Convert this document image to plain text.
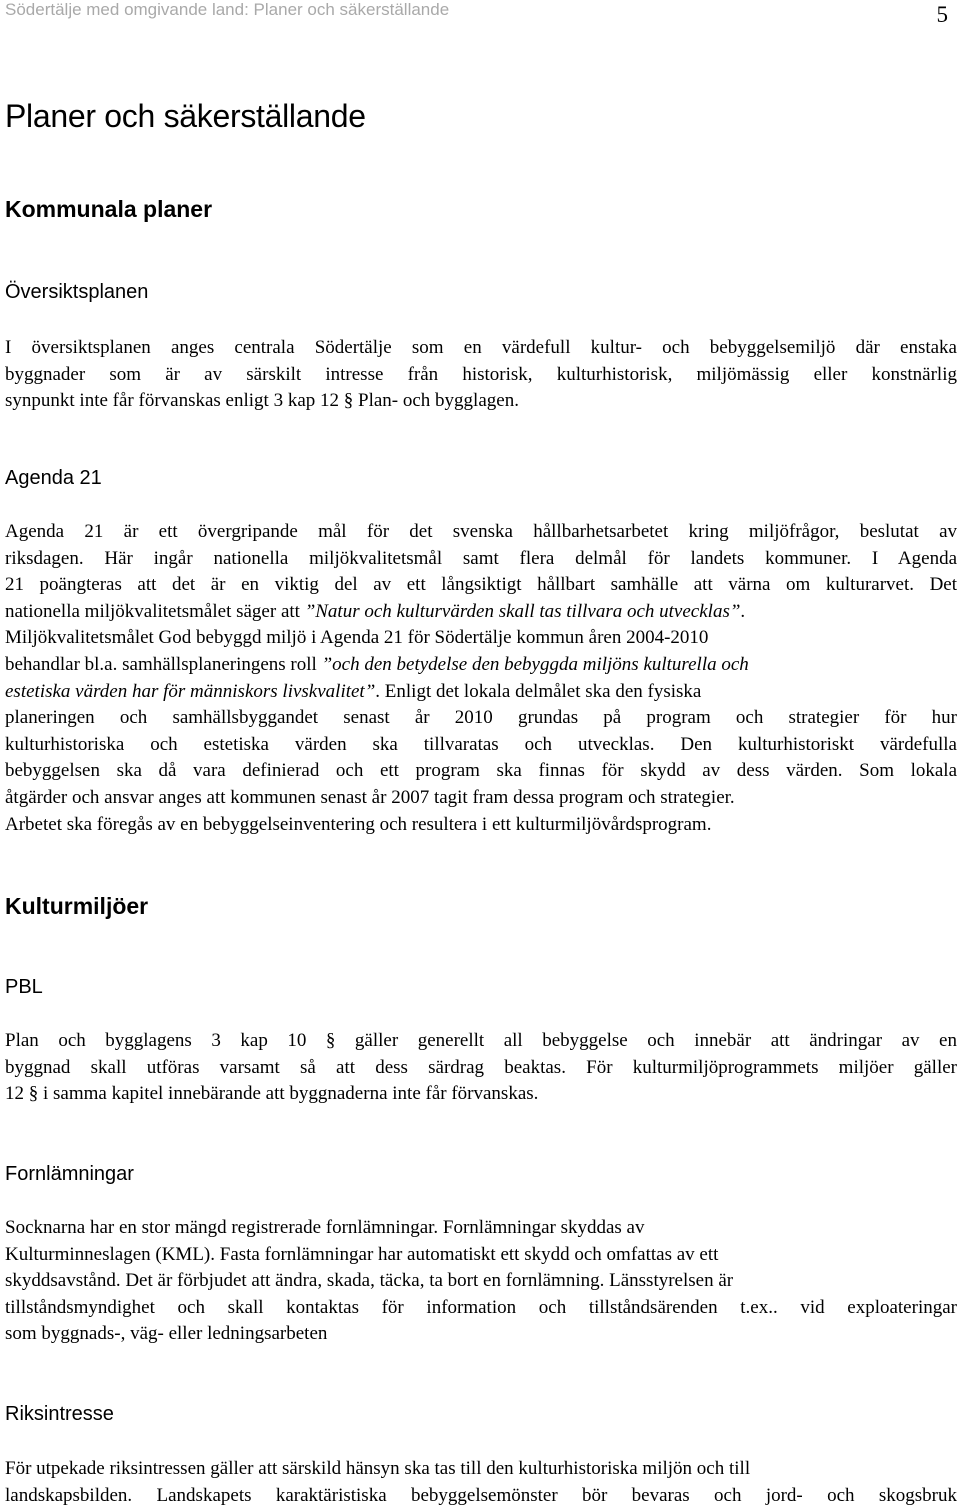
Södertälje med omgivande land: Planer och säkerställande	5
Planer och säkerställande
Kommunala planer
Översiktsplanen

I översiktsplanen anges centrala Södertälje som en värdefull kultur- och bebyggelsemiljö där enstaka
byggnader som är av särskilt intresse från historisk, kulturhistorisk, miljömässig eller konstnärlig
synpunkt inte får förvanskas enligt 3 kap 12 § Plan- och bygglagen.

Agenda 21

Agenda 21 är ett övergripande mål för det svenska hållbarhetsarbetet kring miljöfrågor, beslutat av
riksdagen. Här ingår nationella miljökvalitetsmål samt flera delmål för landets kommuner. I Agenda
21 poängteras att det är en viktig del av ett långsiktigt hållbart samhälle att värna om kulturarvet. Det
nationella miljökvalitetsmålet säger att ”Natur och kulturvärden skall tas tillvara och utvecklas”.
Miljökvalitetsmålet God bebyggd miljö i Agenda 21 för Södertälje kommun åren 2004-2010
behandlar bl.a. samhällsplaneringens roll ”och den betydelse den bebyggda miljöns kulturella och
estetiska värden har för människors livskvalitet”. Enligt det lokala delmålet ska den fysiska
planeringen och samhällsbyggandet senast år 2010 grundas på program och strategier för hur
kulturhistoriska och estetiska värden ska tillvaratas och utvecklas. Den kulturhistoriskt värdefulla
bebyggelsen ska då vara definierad och ett program ska finnas för skydd av dess värden. Som lokala
åtgärder och ansvar anges att kommunen senast år 2007 tagit fram dessa program och strategier.
Arbetet ska föregås av en bebyggelseinventering och resultera i ett kulturmiljövårdsprogram.

Kulturmiljöer
PBL

Plan och bygglagens 3 kap 10 § gäller generellt all bebyggelse och innebär att ändringar av en
byggnad skall utföras varsamt så att dess särdrag beaktas. För kulturmiljöprogrammets miljöer gäller
12 § i samma kapitel innebärande att byggnaderna inte får förvanskas.

Fornlämningar

Socknarna har en stor mängd registrerade fornlämningar. Fornlämningar skyddas av
Kulturminneslagen (KML). Fasta fornlämningar har automatiskt ett skydd och omfattas av ett
skyddsavstånd. Det är förbjudet att ändra, skada, täcka, ta bort en fornlämning. Länsstyrelsen är
tillståndsmyndighet och skall kontaktas för information och tillståndsärenden t.ex.. vid exploateringar
som byggnads-, väg- eller ledningsarbeten

Riksintresse

För utpekade riksintressen gäller att särskild hänsyn ska tas till den kulturhistoriska miljön och till
landskapsbilden. Landskapets karaktäristiska bebyggelsemönster bör bevaras och jord- och skogsbruk
